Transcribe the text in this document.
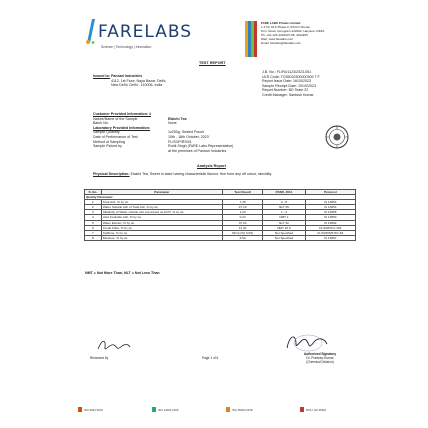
FARELABS
Science | Technology | Innovation
FARE LABS Private Limited
L-17/3, DLF Phase-II, IFFCO Chowk,
M.G. Road, Gurugram-122002, Haryana, INDIA
Ph: +91-124-4223207-08, 4034205
Web: www.farelabs.com
Email: farelabs@farelabs.com
TEST REPORT
Issued to: Pansari Industries
4112, 1st Floor, Naya Bazar, Delhi,
New Delhi, Delhi - 110006, India
J.B. No.: FL/FA/1123/2023-051
ULR Code: TC55032300000309 7 F
Report Issue Date: 16/10/2023
Sample Receipt Date: 10/10/2023
Report Number: BD Team 22
Credit Manager: Santosh Kumar
Customer Provided Information: #
Nature/Name of the Sample	Elaichi Tea
Batch No.	None
Laboratory Provided Information:
Sample Quantity	1x250g, Sealed Pouch
Date of Performance of Test	10th - 16th October, 2023
Method of Sampling	FL/SOP/RS/01
Sample Picked by	Rohit Singh (FARE Labs Representative)
at the premises of Pansari Industries
Analysis Report
Physical Description: Elaichi Tea, Sweet in taste having characteristic flavour, free from any off odour, rancidity.
S. No.	Parameter	Test Result	FSSR, 2011	Protocol
Quality Parameter:				
1	Total Ash, % by wt.	7.30	4 - 8	IS 13854
2	Water Soluble Ash of Total Ash, % by wt.	47.19	NLT 45	IS 13854
3	Alkalinity of Water soluble ash expressed as KOH, % by wt.	1.20	1 - 3	IS 13856
4	Acid Insoluble Ash, % by wt.	0.24	NMT 1	IS 13853
5	Water Extract, % by wt.	37.20	NLT 32	IS 13862
6	Crude Fiber, % by wt.	11.30	NMT 16.5	FL/SOP/FC-154
7	Caffeine, % by wt.	ND (LOQ 0.05)	Not Specified	FL/SOP/MT/FC-63
8	Moisture, % by wt.	6.50	Not Specified	IS 13857
NMT = Not More Than, NLT = Not Less Than
Reviewed by	Page 1 of 6
Authorized Signatory
Dr. Pradeep Kumar
(Chemical Division)
ISO 9001:2015	ISO 14001:2015	ISO 45001:2018	MOU: HZ 45001
